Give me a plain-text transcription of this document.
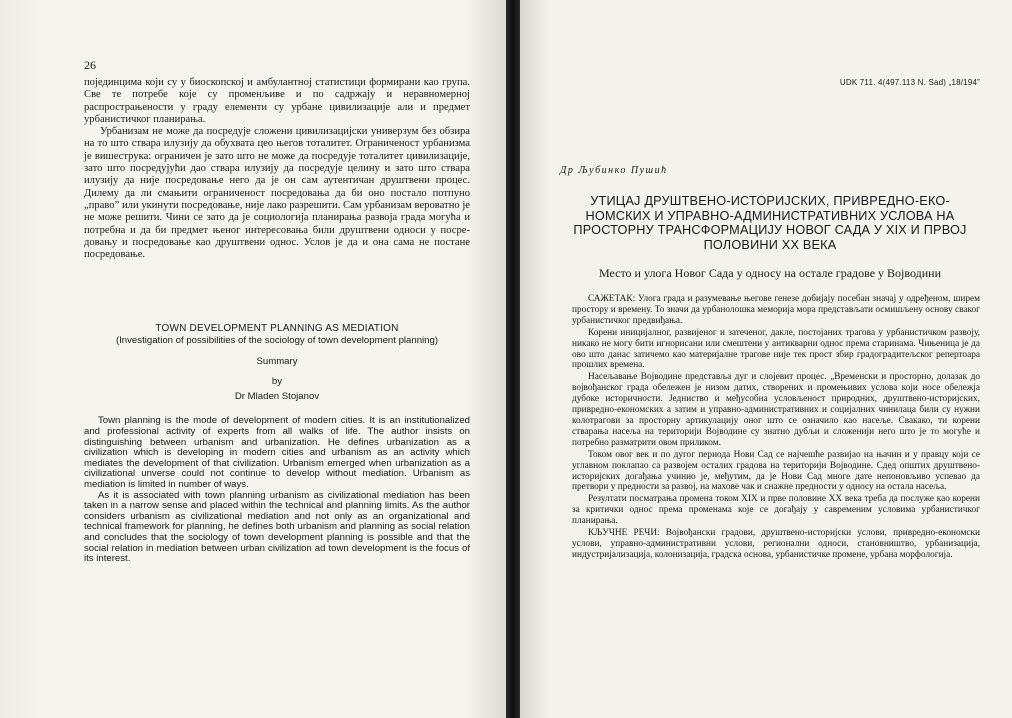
26

појединцима који су у биоскопској и амбулантној статистици формирани као група. Све те потребе које су променљиве и по садржају и неравномерној распрострањености у граду елементи су урбане цивилизације али и предмет урбанистичког планирања.

Урбанизам не може да посредује сложени цивилизацијски универзум без обзира на то што ствара илузију да обухвата цео његов тоталитет. Ограниченост урбанизма је вишеструка: ограничен је зато што не може да посредује тоталитет цивилизације, зато што посредујући дао ствара илузију да посредује целину и зато што ствара илузију да није посредовање него да је он сам аутентичан друштвени процес. Дилему да ли смањити ограниченост посредовања да би оно постало потпуно „право” или укинути посредовање, није лако разрешити. Сам урбанизам вероватно је не може решити. Чини се зато да је социологија планирања развоја града могућа и потребна и да би предмет њеног интересовања били друштвени односи у посредовању и посредовање као друштвени однос. Услов је да и она сама не постане посредовање.

TOWN DEVELOPMENT PLANNING AS MEDIATION
(Investigation of possibilities of the sociology of town development planning)
Summary
by
Dr Mladen Stojanov

Town planning is the mode of development of modern cities. It is an institutionalized and professional activity of experts from all walks of life. The author insists on distinguishing between urbanism and urbanization. He defines urbanization as a civilization which is developing in modern cities and urbanism as an activity which mediates the development of that civilization. Urbanism emerged when urbanization as a civilizational unverse could not continue to develop without mediation. Urbanism as mediation is limited in number of ways.

As it is associated with town planning urbanism as civilizational mediation has been taken in a narrow sense and placed within the technical and planning limits. As the author considers urbanism as civilizational mediation and not only as an organizational and technical framework for planning, he defines both urbanism and planning as social relation and concludes that the sociology of town development planning is possible and that the social relation in mediation between urban civilization ad town development is the focus of its interest.

UDK 711. 4(497.113 N. Sad) „18/194”
Др Љубинко Пушић
УТИЦАЈ ДРУШТВЕНО-ИСТОРИЈСКИХ, ПРИВРЕДНО-ЕКОНОМСКИХ И УПРАВНО-АДМИНИСТРАТИВНИХ УСЛОВА НА ПРОСТОРНУ ТРАНСФОРМАЦИЈУ НОВОГ САДА У XIX И ПРВОЈ ПОЛОВИНИ XX ВЕКА
Место и улога Новог Сада у односу на остале градове у Војводини

САЖЕТАК: Улога града и разумевање његове генезе добијају посебан значај у одређеном, ширем простору и времену. То значи да урбанолошка меморија мора представљати осмишљену основу сваког урбанистичког предвиђања.

Корени иницијалног, развијеног и затеченог, дакле, постојаних трагова у урбанистичком развоју, никако не могу бити игнорисани или смештени у антикварни однос према старинама. Чињеница је да ово што данас затичемо као материјалне трагове није тек прост збир градоградитељског репертоара прошлих времена.

Насељавање Војводине представља дуг и слојевит процес. „Временски и просторно, долазак до војвођанског града обележен је низом датих, створених и промењивих услова који носе обележја дубоке историчности. Једниство и међусобна условљеност природних, друштвено-историјских, привредно-економских а затим и управно-административних и социјалних чинилаца били су нужни колотрагови за просторну артикулацију оног што се означило као насеље. Свакако, ти корени стварања насеља на територији Војводине су знатно дубљи и сложенији него што је то могуће и потребно разматрити овом приликом.

Током овог век и по дугог периода Нови Сад се најчешће развијао на њачин и у правцу који се углавном поклапао са развојем осталих градова на територији Војводине. Сдед општих друштвено-историјских догађања учинио је, међутим, да је Нови Сад многе дате непоновљиво успевао да претвори у предности за развој, на махове чак и снажне предности у односу на остала насеља.

Резултати посматрања промена током XIX и прве половине XX века треба да послуже као корени за критички однос према променама које се догађају у савременим условима урбанистичког планирања.

КЉУЧНЕ РЕЧИ: Војвођански градови, друштвено-историјски услови, привредно-економски услови, управно-административни услови, регионални односи, становништво, урбанизација, индустријализација, колонизација, градска основа, урбанистичке промене, урбана морфологија.
